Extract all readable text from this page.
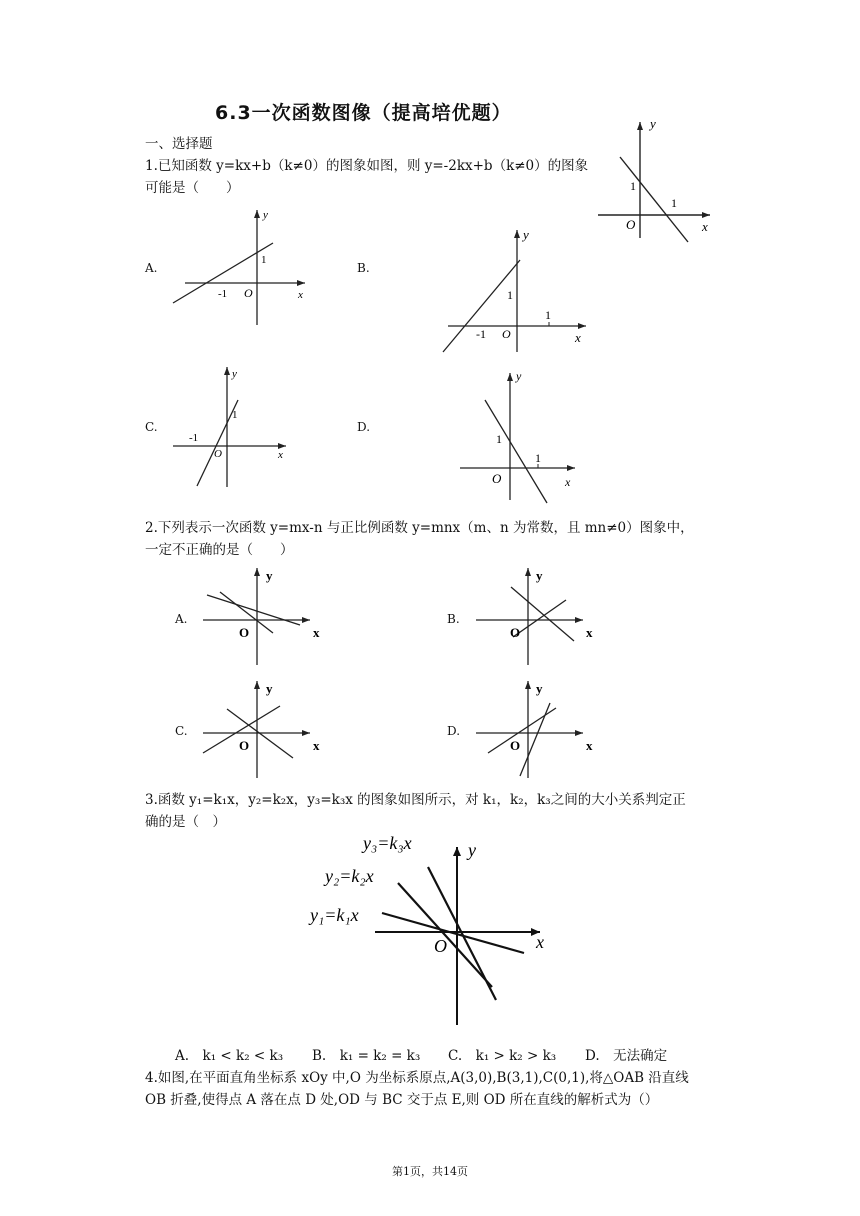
6.3一次函数图像（提高培优题）
一、选择题
1.已知函数 y=kx+b（k≠0）的图象如图，则 y=-2kx+b（k≠0）的图象
可能是（　　）
y
x
O
1
1
A.
y
x
O
1
-1
B.
y
x
O
1
1
-1
C.
y
x
O
1
-1
D.
y
x
O
1
1
2.下列表示一次函数 y=mx-n 与正比例函数 y=mnx（m、n 为常数，且 mn≠0）图象中，
一定不正确的是（　　）
A.
y
x
O
B.
y
x
O
C.
y
x
O
D.
y
x
O
3.函数 y₁=k₁x，y₂=k₂x，y₃=k₃x 的图象如图所示，对 k₁，k₂，k₃之间的大小关系判定正
确的是（　）
y
x
O
y₃=k₃x
y₂=k₂x
y₁=k₁x
A.　k₁ < k₂ < k₃ B.　k₁ = k₂ = k₃ C.　k₁ > k₂ > k₃ D.　无法确定
4.如图,在平面直角坐标系 xOy 中,O 为坐标系原点,A(3,0),B(3,1),C(0,1),将△OAB 沿直线
OB 折叠,使得点 A 落在点 D 处,OD 与 BC 交于点 E,则 OD 所在直线的解析式为（）
第1页，共14页
